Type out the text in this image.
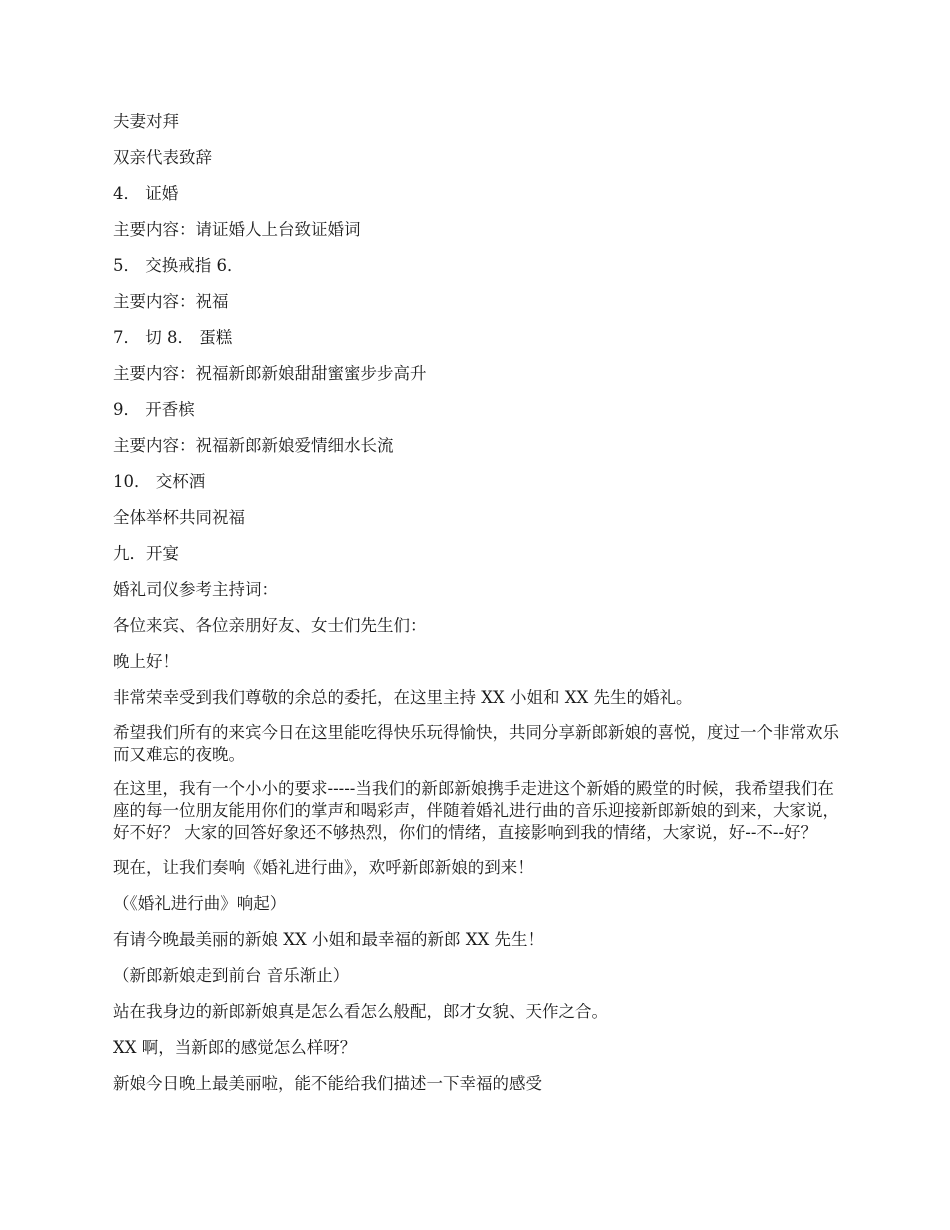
夫妻对拜

双亲代表致辞

4． 证婚

主要内容：请证婚人上台致证婚词

5． 交换戒指 6．

主要内容：祝福

7． 切 8． 蛋糕

主要内容：祝福新郎新娘甜甜蜜蜜步步高升

9． 开香槟

主要内容：祝福新郎新娘爱情细水长流

10． 交杯酒

全体举杯共同祝福

九．开宴

婚礼司仪参考主持词：

各位来宾、各位亲朋好友、女士们先生们：

晚上好！

非常荣幸受到我们尊敬的余总的委托，在这里主持 XX 小姐和 XX 先生的婚礼。

希望我们所有的来宾今日在这里能吃得快乐玩得愉快，共同分享新郎新娘的喜悦，度过一个非常欢乐而又难忘的夜晚。

在这里，我有一个小小的要求-----当我们的新郎新娘携手走进这个新婚的殿堂的时候，我希望我们在座的每一位朋友能用你们的掌声和喝彩声，伴随着婚礼进行曲的音乐迎接新郎新娘的到来，大家说，好不好？ 大家的回答好象还不够热烈，你们的情绪，直接影响到我的情绪，大家说，好--不--好？

现在，让我们奏响《婚礼进行曲》，欢呼新郎新娘的到来！

（《婚礼进行曲》响起）

有请今晚最美丽的新娘 XX 小姐和最幸福的新郎 XX 先生！

（新郎新娘走到前台 音乐渐止）

站在我身边的新郎新娘真是怎么看怎么般配，郎才女貌、天作之合。

XX 啊，当新郎的感觉怎么样呀？

新娘今日晚上最美丽啦，能不能给我们描述一下幸福的感受
